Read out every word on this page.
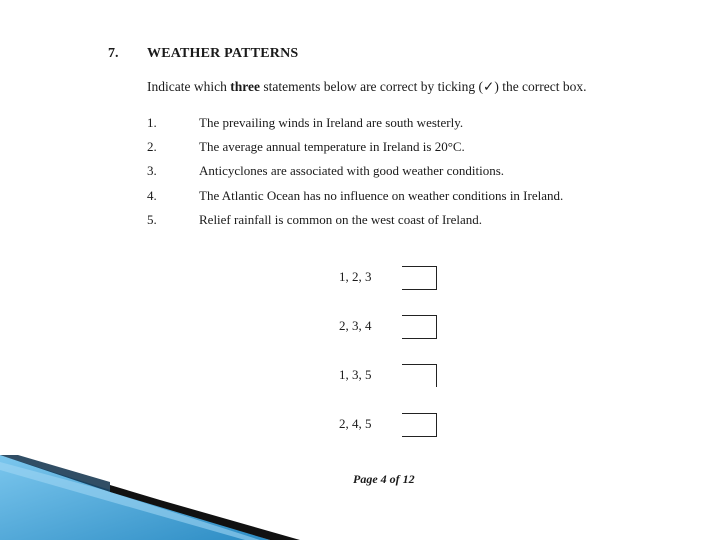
7. WEATHER PATTERNS
Indicate which three statements below are correct by ticking (✓) the correct box.
1.	The prevailing winds in Ireland are south westerly.
2.	The average annual temperature in Ireland is 20°C.
3.	Anticyclones are associated with good weather conditions.
4.	The Atlantic Ocean has no influence on weather conditions in Ireland.
5.	Relief rainfall is common on the west coast of Ireland.
1, 2, 3
2, 3, 4
1, 3, 5
2, 4, 5
Page 4 of 12
